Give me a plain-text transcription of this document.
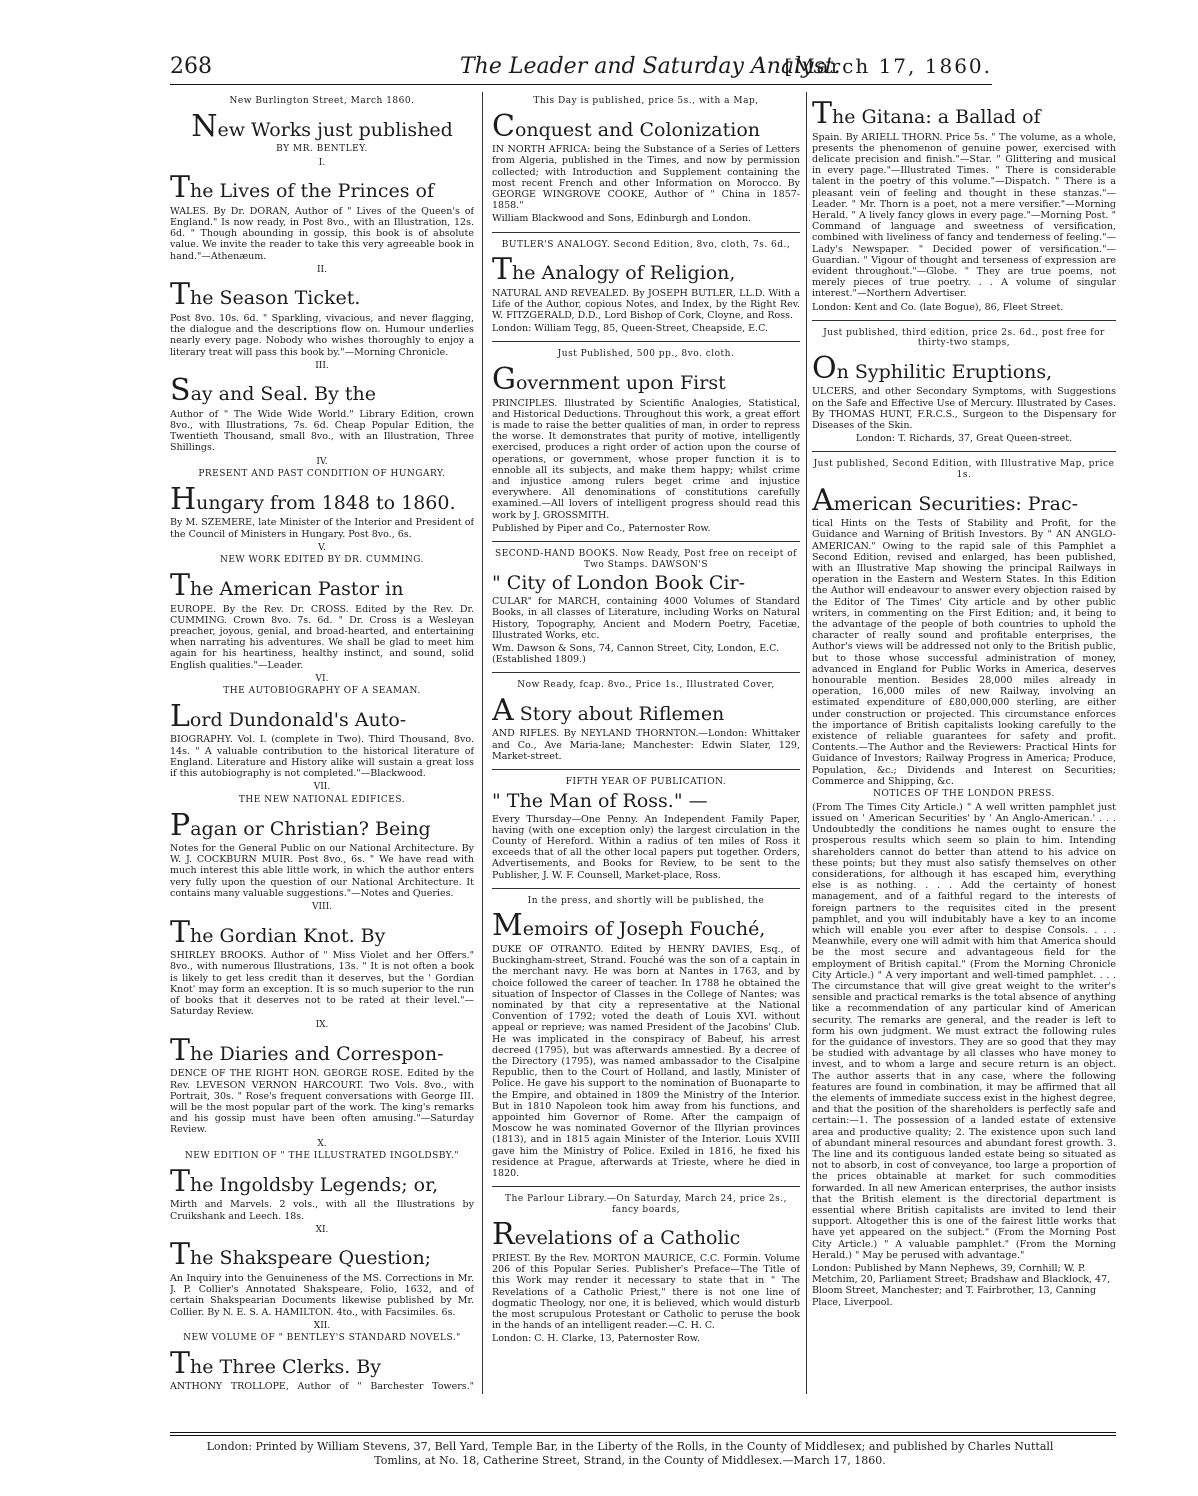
268	The Leader and Saturday Analyst.
[March 17, 1860.
New Burlington Street, March 1860.
New Works just published
BY MR. BENTLEY.
I.
The Lives of the Princes of
WALES. By Dr. DORAN, Author of " Lives of the Queen's of England." Is now ready, in Post 8vo., with an Illustration, 12s. 6d. " Though abounding in gossip, this book is of absolute value. We invite the reader to take this very agreeable book in hand."—Athenæum.
II.
The Season Ticket.
Post 8vo. 10s. 6d. " Sparkling, vivacious, and never flagging, the dialogue and the descriptions flow on. Humour underlies nearly every page. Nobody who wishes thoroughly to enjoy a literary treat will pass this book by."—Morning Chronicle.
III.
Say and Seal. By the
Author of " The Wide Wide World." Library Edition, crown 8vo., with Illustrations, 7s. 6d. Cheap Popular Edition, the Twentieth Thousand, small 8vo., with an Illustration, Three Shillings.
IV.
PRESENT AND PAST CONDITION OF HUNGARY.
Hungary from 1848 to 1860.
By M. SZEMERE, late Minister of the Interior and President of the Council of Ministers in Hungary. Post 8vo., 6s.
V.
NEW WORK EDITED BY DR. CUMMING.
The American Pastor in
EUROPE. By the Rev. Dr. CROSS. Edited by the Rev. Dr. CUMMING. Crown 8vo. 7s. 6d. " Dr. Cross is a Wesleyan preacher, joyous, genial, and broad-hearted, and entertaining when narrating his adventures. We shall be glad to meet him again for his heartiness, healthy instinct, and sound, solid English qualities."—Leader.
VI.
THE AUTOBIOGRAPHY OF A SEAMAN.
Lord Dundonald's Auto-
BIOGRAPHY. Vol. I. (complete in Two). Third Thousand, 8vo. 14s. " A valuable contribution to the historical literature of England. Literature and History alike will sustain a great loss if this autobiography is not completed."—Blackwood.
VII.
THE NEW NATIONAL EDIFICES.
Pagan or Christian? Being
Notes for the General Public on our National Architecture. By W. J. COCKBURN MUIR. Post 8vo., 6s. " We have read with much interest this able little work, in which the author enters very fully upon the question of our National Architecture. It contains many valuable suggestions."—Notes and Queries.
VIII.
The Gordian Knot. By
SHIRLEY BROOKS. Author of " Miss Violet and her Offers." 8vo., with numerous Illustrations, 13s. " It is not often a book is likely to get less credit than it deserves, but the ' Gordian Knot' may form an exception. It is so much superior to the run of books that it deserves not to be rated at their level."—Saturday Review.
IX.
The Diaries and Correspon-
DENCE OF THE RIGHT HON. GEORGE ROSE. Edited by the Rev. LEVESON VERNON HARCOURT. Two Vols. 8vo., with Portrait, 30s. " Rose's frequent conversations with George III. will be the most popular part of the work. The king's remarks and his gossip must have been often amusing."—Saturday Review.
X.
NEW EDITION OF " THE ILLUSTRATED INGOLDSBY."
The Ingoldsby Legends; or,
Mirth and Marvels. 2 vols., with all the Illustrations by Cruikshank and Leech. 18s.
XI.
The Shakspeare Question;
An Inquiry into the Genuineness of the MS. Corrections in Mr. J. P. Collier's Annotated Shakspeare, Folio, 1632, and of certain Shakspearian Documents likewise published by Mr. Collier. By N. E. S. A. HAMILTON. 4to., with Facsimiles. 6s.
XII.
NEW VOLUME OF " BENTLEY'S STANDARD NOVELS."
The Three Clerks. By
ANTHONY TROLLOPE, Author of " Barchester Towers."
This Day is published, price 5s., with a Map,
Conquest and Colonization
IN NORTH AFRICA: being the Substance of a Series of Letters from Algeria, published in the Times, and now by permission collected; with Introduction and Supplement containing the most recent French and other Information on Morocco. By GEORGE WINGROVE COOKE, Author of " China in 1857-1858."
William Blackwood and Sons, Edinburgh and London.
BUTLER'S ANALOGY. Second Edition, 8vo, cloth, 7s. 6d.,
The Analogy of Religion,
NATURAL AND REVEALED. By JOSEPH BUTLER, LL.D. With a Life of the Author, copious Notes, and Index, by the Right Rev. W. FITZGERALD, D.D., Lord Bishop of Cork, Cloyne, and Ross.
London: William Tegg, 85, Queen-Street, Cheapside, E.C.
Just Published, 500 pp., 8vo. cloth.
Government upon First
PRINCIPLES. Illustrated by Scientific Analogies, Statistical, and Historical Deductions. Throughout this work, a great effort is made to raise the better qualities of man, in order to repress the worse. It demonstrates that purity of motive, intelligently exercised, produces a right order of action upon the course of operations, or government, whose proper function it is to ennoble all its subjects, and make them happy; whilst crime and injustice among rulers beget crime and injustice everywhere. All denominations of constitutions carefully examined.—All lovers of intelligent progress should read this work by J. GROSSMITH.
Published by Piper and Co., Paternoster Row.
SECOND-HAND BOOKS. Now Ready, Post free on receipt of Two Stamps. DAWSON'S
" City of London Book Cir-
CULAR" for MARCH, containing 4000 Volumes of Standard Books, in all classes of Literature, including Works on Natural History, Topography, Ancient and Modern Poetry, Facetiæ, Illustrated Works, etc.
Wm. Dawson & Sons, 74, Cannon Street, City, London, E.C. (Established 1809.)
Now Ready, fcap. 8vo., Price 1s., Illustrated Cover,
A Story about Riflemen
AND RIFLES. By NEYLAND THORNTON.—London: Whittaker and Co., Ave Maria-lane; Manchester: Edwin Slater, 129, Market-street.
FIFTH YEAR OF PUBLICATION.
" The Man of Ross." —
Every Thursday—One Penny. An Independent Family Paper, having (with one exception only) the largest circulation in the County of Hereford. Within a radius of ten miles of Ross it exceeds that of all the other local papers put together. Orders, Advertisements, and Books for Review, to be sent to the Publisher, J. W. F. Counsell, Market-place, Ross.
In the press, and shortly will be published, the
Memoirs of Joseph Fouché,
DUKE OF OTRANTO. Edited by HENRY DAVIES, Esq., of Buckingham-street, Strand. Fouché was the son of a captain in the merchant navy. He was born at Nantes in 1763, and by choice followed the career of teacher. In 1788 he obtained the situation of Inspector of Classes in the College of Nantes; was nominated by that city a representative at the National Convention of 1792; voted the death of Louis XVI. without appeal or reprieve; was named President of the Jacobins' Club. He was implicated in the conspiracy of Babeuf, his arrest decreed (1795), but was afterwards amnestied. By a decree of the Directory (1795), was named ambassador to the Cisalpine Republic, then to the Court of Holland, and lastly, Minister of Police. He gave his support to the nomination of Buonaparte to the Empire, and obtained in 1809 the Ministry of the Interior. But in 1810 Napoleon took him away from his functions, and appointed him Governor of Rome. After the campaign of Moscow he was nominated Governor of the Illyrian provinces (1813), and in 1815 again Minister of the Interior. Louis XVIII gave him the Ministry of Police. Exiled in 1816, he fixed his residence at Prague, afterwards at Trieste, where he died in 1820.
The Parlour Library.—On Saturday, March 24, price 2s., fancy boards,
Revelations of a Catholic
PRIEST. By the Rev. MORTON MAURICE, C.C. Formin. Volume 206 of this Popular Series. Publisher's Preface—The Title of this Work may render it necessary to state that in " The Revelations of a Catholic Priest," there is not one line of dogmatic Theology, nor one, it is believed, which would disturb the most scrupulous Protestant or Catholic to peruse the book in the hands of an intelligent reader.—C. H. C.
London: C. H. Clarke, 13, Paternoster Row.
The Gitana: a Ballad of
Spain. By ARIELL THORN. Price 5s. " The volume, as a whole, presents the phenomenon of genuine power, exercised with delicate precision and finish."—Star. " Glittering and musical in every page."—Illustrated Times. " There is considerable talent in the poetry of this volume."—Dispatch. " There is a pleasant vein of feeling and thought in these stanzas."—Leader. " Mr. Thorn is a poet, not a mere versifier."—Morning Herald. " A lively fancy glows in every page."—Morning Post. " Command of language and sweetness of versification, combined with liveliness of fancy and tenderness of feeling."—Lady's Newspaper. " Decided power of versification."—Guardian. " Vigour of thought and terseness of expression are evident throughout."—Globe. " They are true poems, not merely pieces of true poetry. . . A volume of singular interest."—Northern Advertiser.
London: Kent and Co. (late Bogue), 86, Fleet Street.
Just published, third edition, price 2s. 6d., post free for thirty-two stamps,
On Syphilitic Eruptions,
ULCERS, and other Secondary Symptoms, with Suggestions on the Safe and Effective Use of Mercury. Illustrated by Cases. By THOMAS HUNT, F.R.C.S., Surgeon to the Dispensary for Diseases of the Skin.
London: T. Richards, 37, Great Queen-street.
Just published, Second Edition, with Illustrative Map, price 1s.
American Securities: Prac-
tical Hints on the Tests of Stability and Profit, for the Guidance and Warning of British Investors. By " AN ANGLO-AMERICAN." Owing to the rapid sale of this Pamphlet a Second Edition, revised and enlarged, has been published, with an Illustrative Map showing the principal Railways in operation in the Eastern and Western States. In this Edition the Author will endeavour to answer every objection raised by the Editor of The Times' City article and by other public writers, in commenting on the First Edition; and, it being to the advantage of the people of both countries to uphold the character of really sound and profitable enterprises, the Author's views will be addressed not only to the British public, but to those whose successful administration of money, advanced in England for Public Works in America, deserves honourable mention. Besides 28,000 miles already in operation, 16,000 miles of new Railway, involving an estimated expenditure of £80,000,000 sterling, are either under construction or projected. This circumstance enforces the importance of British capitalists looking carefully to the existence of reliable guarantees for safety and profit. Contents.—The Author and the Reviewers: Practical Hints for Guidance of Investors; Railway Progress in America; Produce, Population, &c.; Dividends and Interest on Securities; Commerce and Shipping, &c.
NOTICES OF THE LONDON PRESS.
(From The Times City Article.) " A well written pamphlet just issued on ' American Securities' by ' An Anglo-American.' . . . Undoubtedly the conditions he names ought to ensure the prosperous results which seem so plain to him. Intending shareholders cannot do better than attend to his advice on these points; but they must also satisfy themselves on other considerations, for although it has escaped him, everything else is as nothing. . . . Add the certainty of honest management, and of a faithful regard to the interests of foreign partners to the requisites cited in the present pamphlet, and you will indubitably have a key to an income which will enable you ever after to despise Consols. . . . Meanwhile, every one will admit with him that America should be the most secure and advantageous field for the employment of British capital." (From the Morning Chronicle City Article.) " A very important and well-timed pamphlet. . . . The circumstance that will give great weight to the writer's sensible and practical remarks is the total absence of anything like a recommendation of any particular kind of American security. The remarks are general, and the reader is left to form his own judgment. We must extract the following rules for the guidance of investors. They are so good that they may be studied with advantage by all classes who have money to invest, and to whom a large and secure return is an object. The author asserts that in any case, where the following features are found in combination, it may be affirmed that all the elements of immediate success exist in the highest degree, and that the position of the shareholders is perfectly safe and certain:—1. The possession of a landed estate of extensive area and productive quality; 2. The existence upon such land of abundant mineral resources and abundant forest growth. 3. The line and its contiguous landed estate being so situated as not to absorb, in cost of conveyance, too large a proportion of the prices obtainable at market for such commodities forwarded. In all new American enterprises, the author insists that the British element is the directorial department is essential where British capitalists are invited to lend their support. Altogether this is one of the fairest little works that have yet appeared on the subject." (From the Morning Post City Article.) " A valuable pamphlet." (From the Morning Herald.) " May be perused with advantage."
London: Published by Mann Nephews, 39, Cornhill; W. P. Metchim, 20, Parliament Street; Bradshaw and Blacklock, 47, Bloom Street, Manchester; and T. Fairbrother, 13, Canning Place, Liverpool.
London: Printed by William Stevens, 37, Bell Yard, Temple Bar, in the Liberty of the Rolls, in the County of Middlesex; and published by Charles Nuttall Tomlins, at No. 18, Catherine Street, Strand, in the County of Middlesex.—March 17, 1860.
